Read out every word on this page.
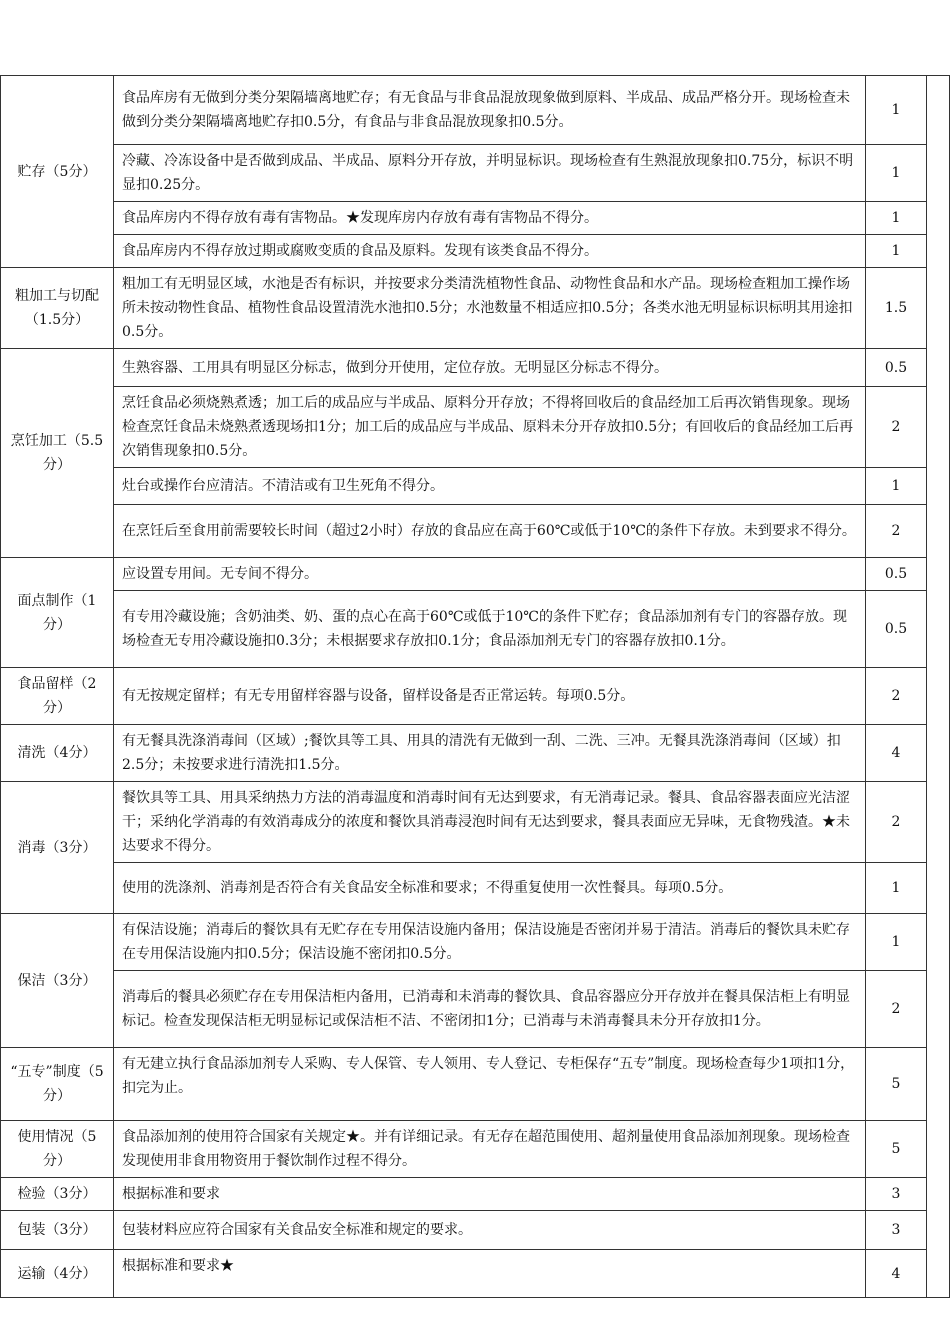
贮存（5分）	食品库房有无做到分类分架隔墙离地贮存；有无食品与非食品混放现象做到原料、半成品、成品严格分开。现场检查未做到分类分架隔墙离地贮存扣0.5分，有食品与非食品混放现象扣0.5分。	1	
	冷藏、冷冻设备中是否做到成品、半成品、原料分开存放，并明显标识。现场检查有生熟混放现象扣0.75分，标识不明显扣0.25分。	1	
	食品库房内不得存放有毒有害物品。★发现库房内存放有毒有害物品不得分。	1	
	食品库房内不得存放过期或腐败变质的食品及原料。发现有该类食品不得分。	1	
粗加工与切配（1.5分）	粗加工有无明显区域，水池是否有标识，并按要求分类清洗植物性食品、动物性食品和水产品。现场检查粗加工操作场所未按动物性食品、植物性食品设置清洗水池扣0.5分；水池数量不相适应扣0.5分；各类水池无明显标识标明其用途扣0.5分。	1.5	
烹饪加工（5.5分）	生熟容器、工用具有明显区分标志，做到分开使用，定位存放。无明显区分标志不得分。	0.5	
	烹饪食品必须烧熟煮透；加工后的成品应与半成品、原料分开存放；不得将回收后的食品经加工后再次销售现象。现场检查烹饪食品未烧熟煮透现场扣1分；加工后的成品应与半成品、原料未分开存放扣0.5分；有回收后的食品经加工后再次销售现象扣0.5分。	2	
	灶台或操作台应清洁。不清洁或有卫生死角不得分。	1	
	在烹饪后至食用前需要较长时间（超过2小时）存放的食品应在高于60℃或低于10℃的条件下存放。未到要求不得分。	2	
面点制作（1分）	应设置专用间。无专间不得分。	0.5	
	有专用冷藏设施；含奶油类、奶、蛋的点心在高于60℃或低于10℃的条件下贮存；食品添加剂有专门的容器存放。现场检查无专用冷藏设施扣0.3分；未根据要求存放扣0.1分；食品添加剂无专门的容器存放扣0.1分。	0.5	
食品留样（2分）	有无按规定留样；有无专用留样容器与设备，留样设备是否正常运转。每项0.5分。	2	
清洗（4分）	有无餐具洗涤消毒间（区域）;餐饮具等工具、用具的清洗有无做到一刮、二洗、三冲。无餐具洗涤消毒间（区域）扣2.5分；未按要求进行清洗扣1.5分。	4	
消毒（3分）	餐饮具等工具、用具采纳热力方法的消毒温度和消毒时间有无达到要求，有无消毒记录。餐具、食品容器表面应光洁涩干；采纳化学消毒的有效消毒成分的浓度和餐饮具消毒浸泡时间有无达到要求，餐具表面应无异味，无食物残渣。★未达要求不得分。	2	
	使用的洗涤剂、消毒剂是否符合有关食品安全标准和要求；不得重复使用一次性餐具。每项0.5分。	1	
保洁（3分）	有保洁设施；消毒后的餐饮具有无贮存在专用保洁设施内备用；保洁设施是否密闭并易于清洁。消毒后的餐饮具未贮存在专用保洁设施内扣0.5分；保洁设施不密闭扣0.5分。	1	
	消毒后的餐具必须贮存在专用保洁柜内备用，已消毒和未消毒的餐饮具、食品容器应分开存放并在餐具保洁柜上有明显标记。检查发现保洁柜无明显标记或保洁柜不洁、不密闭扣1分；已消毒与未消毒餐具未分开存放扣1分。	2	
“五专”制度（5分）	有无建立执行食品添加剂专人采购、专人保管、专人领用、专人登记、专柜保存“五专”制度。现场检查每少1项扣1分，扣完为止。	5	
使用情况（5分）	食品添加剂的使用符合国家有关规定★。并有详细记录。有无存在超范围使用、超剂量使用食品添加剂现象。现场检查发现使用非食用物资用于餐饮制作过程不得分。	5	
检验（3分）	根据标准和要求	3	
包装（3分）	包装材料应应符合国家有关食品安全标准和规定的要求。	3	
运输（4分）	根据标准和要求★	4	
